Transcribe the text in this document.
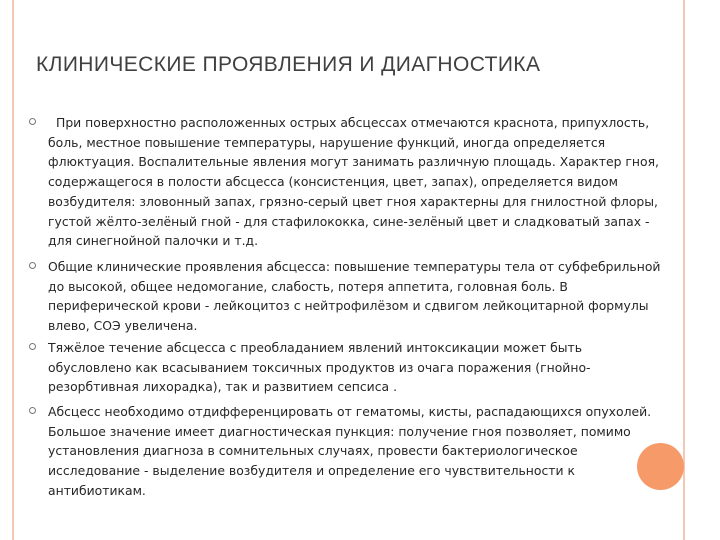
КЛИНИЧЕСКИЕ ПРОЯВЛЕНИЯ И ДИАГНОСТИКА
При поверхностно расположенных острых абсцессах отмечаются краснота, припухлость, боль, местное повышение температуры, нарушение функций, иногда определяется флюктуация. Воспалительные явления могут занимать различную площадь. Характер гноя, содержащегося в полости абсцесса (консистенция, цвет, запах), определяется видом возбудителя: зловонный запах, грязно-серый цвет гноя характерны для гнилостной флоры, густой жёлто-зелёный гной - для стафилококка, сине-зелёный цвет и сладковатый запах - для синегнойной палочки и т.д.
Общие клинические проявления абсцесса: повышение температуры тела от субфебрильной до высокой, общее недомогание, слабость, потеря аппетита, головная боль. В периферической крови - лейкоцитоз с нейтрофилёзом и сдвигом лейкоцитарной формулы влево, СОЭ увеличена.
Тяжёлое течение абсцесса с преобладанием явлений интоксикации может быть обусловлено как всасыванием токсичных продуктов из очага поражения (гнойно-резорбтивная лихорадка), так и развитием сепсиса .
Абсцесс необходимо отдифференцировать от гематомы, кисты, распадающихся опухолей. Большое значение имеет диагностическая пункция: получение гноя позволяет, помимо установления диагноза в сомнительных случаях, провести бактериологическое исследование - выделение возбудителя и определение его чувствительности к антибиотикам.
